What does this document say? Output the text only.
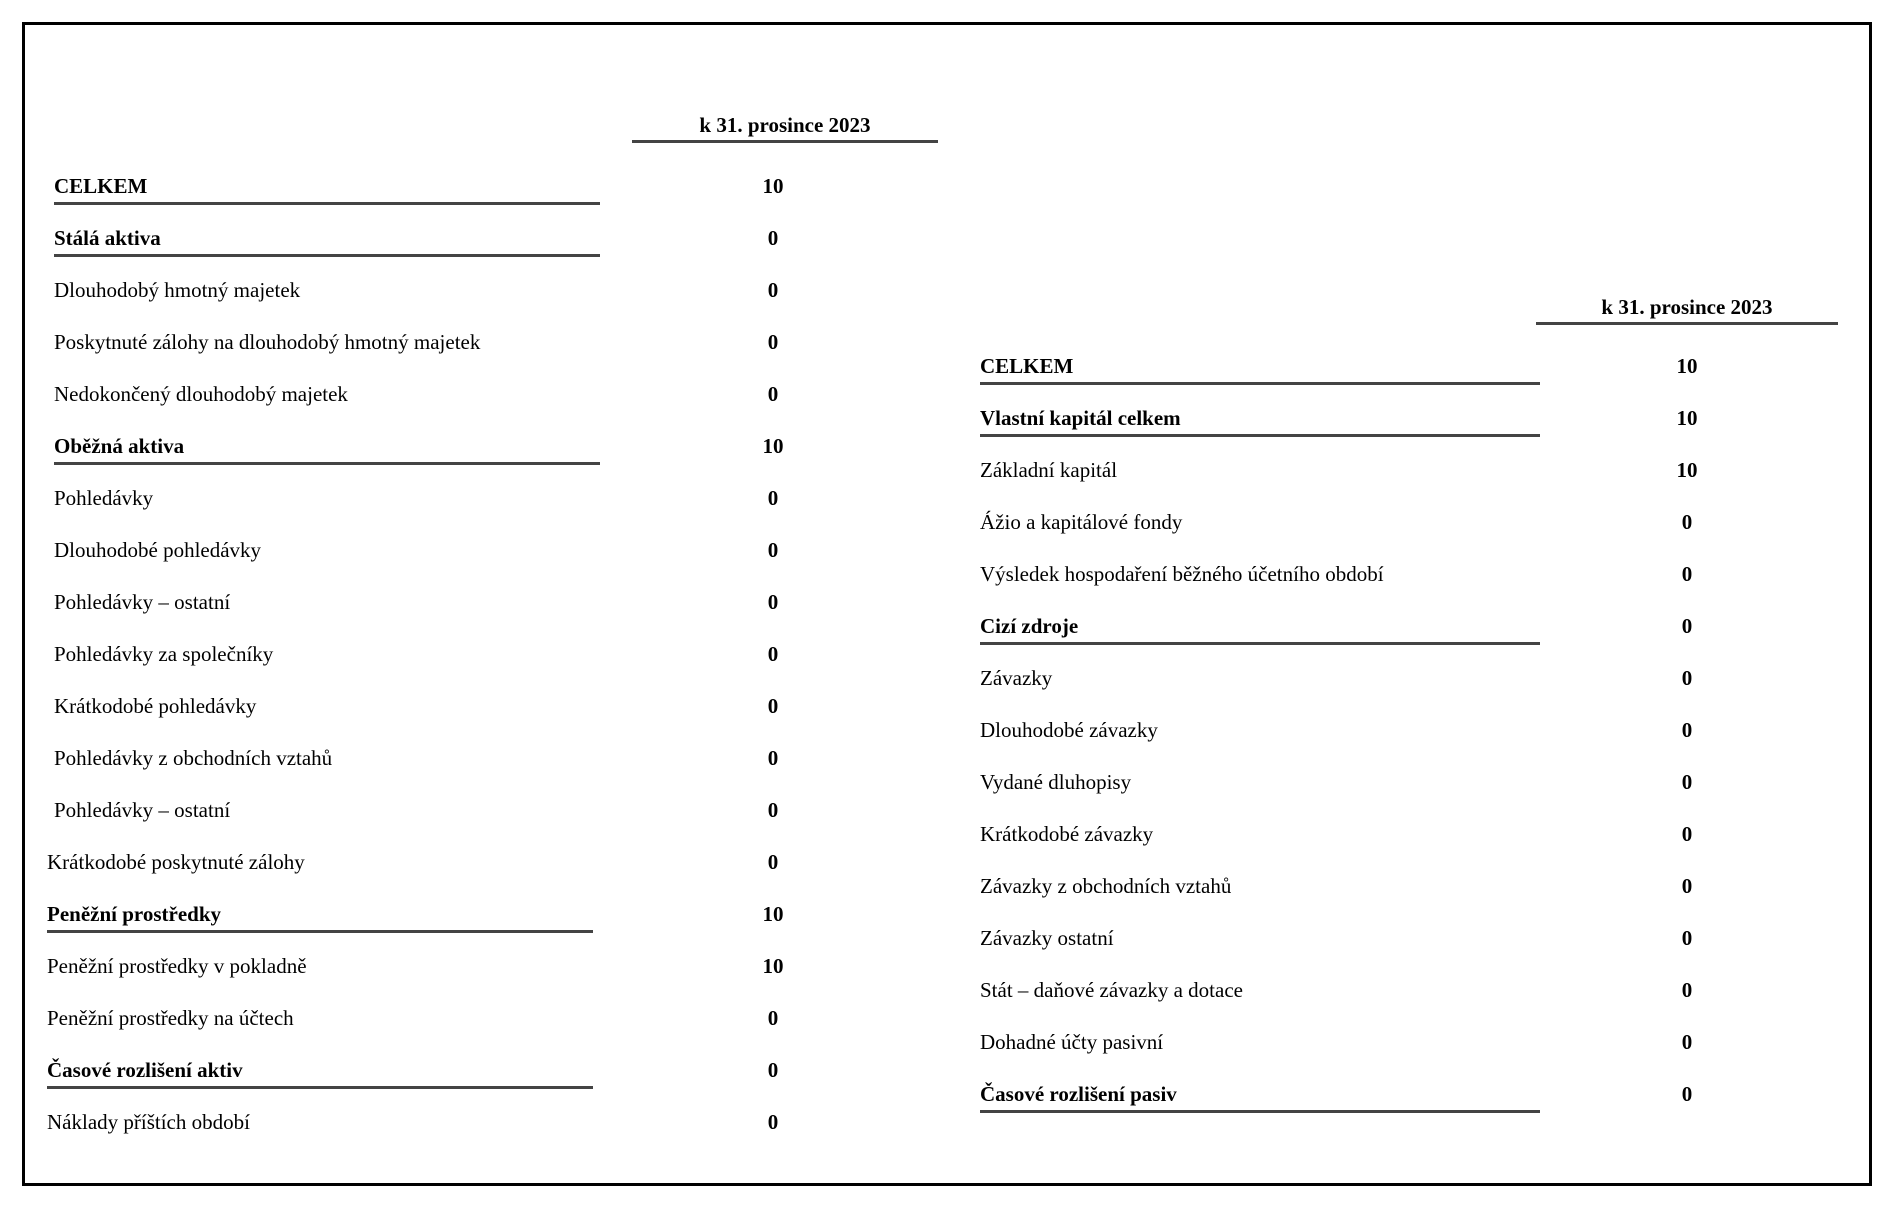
k 31. prosince 2023
CELKEM	10
Stálá aktiva	0
Dlouhodobý hmotný majetek	0
Poskytnuté zálohy na dlouhodobý hmotný majetek	0
Nedokončený dlouhodobý majetek	0
Oběžná aktiva	10
Pohledávky	0
Dlouhodobé pohledávky	0
Pohledávky – ostatní	0
Pohledávky za společníky	0
Krátkodobé pohledávky	0
Pohledávky z obchodních vztahů	0
Pohledávky – ostatní	0
Krátkodobé poskytnuté zálohy	0
Peněžní prostředky	10
Peněžní prostředky v pokladně	10
Peněžní prostředky na účtech	0
Časové rozlišení aktiv	0
Náklady příštích období	0
k 31. prosince 2023
CELKEM	10
Vlastní kapitál celkem	10
Základní kapitál	10
Ážio a kapitálové fondy	0
Výsledek hospodaření běžného účetního období	0
Cizí zdroje	0
Závazky	0
Dlouhodobé závazky	0
Vydané dluhopisy	0
Krátkodobé závazky	0
Závazky z obchodních vztahů	0
Závazky ostatní	0
Stát – daňové závazky a dotace	0
Dohadné účty pasivní	0
Časové rozlišení pasiv	0
